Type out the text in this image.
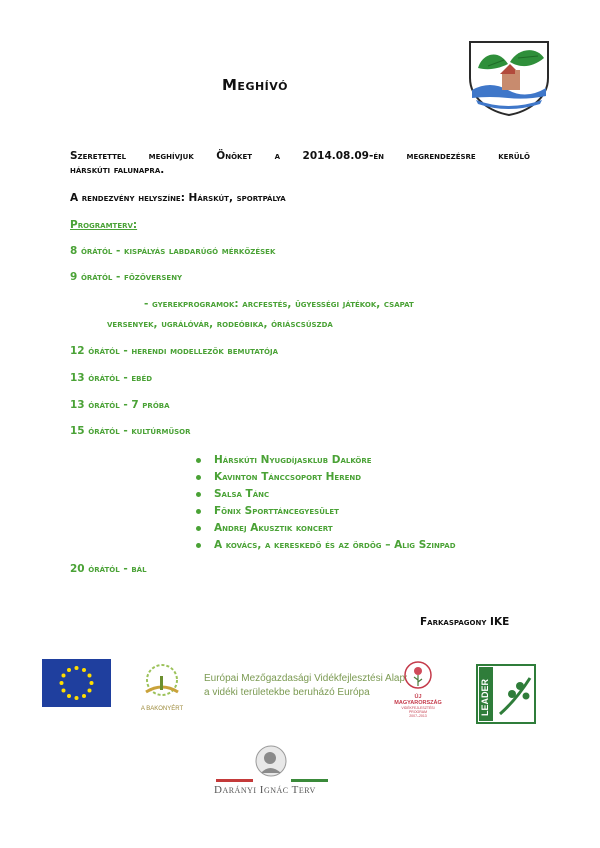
Meghívó
Szeretettel meghívjuk Önöket a 2014.08.09-én megrendezésre kerülő
hárskúti falunapra.
A rendezvény helyszíne: Hárskút, sportpálya
Programterv:
8 órától - kispályás labdarúgó mérkőzések
9 órától - főzőverseny
- gyerekprogramok: arcfestés, ügyességi játékok, csapat
versenyek, ugrálóvár, rodeóbika, óriáscsúszda
12 órától - herendi modellezők bemutatója
13 órától - ebéd
13 órától - 7 próba
15 órától - kultúrműsor
Hárskúti Nyugdíjasklub Dalköre
Kavinton Tánccsoport Herend
Salsa Tánc
Főnix Sporttáncegyesület
Andrej Akusztik koncert
A kovács, a kereskedő és az ördög – Alig Szinpad
20 órától - bál
Farkaspagony IKE
A BAKONYÉRT
Európai Mezőgazdasági Vidékfejlesztési Alap:
a vidéki területekbe beruházó Európa	ÚJ MAGYARORSZÁG
VIDÉKFEJLESZTÉSI PROGRAM
2007–2013	LEADER
Darányi Ignác Terv
